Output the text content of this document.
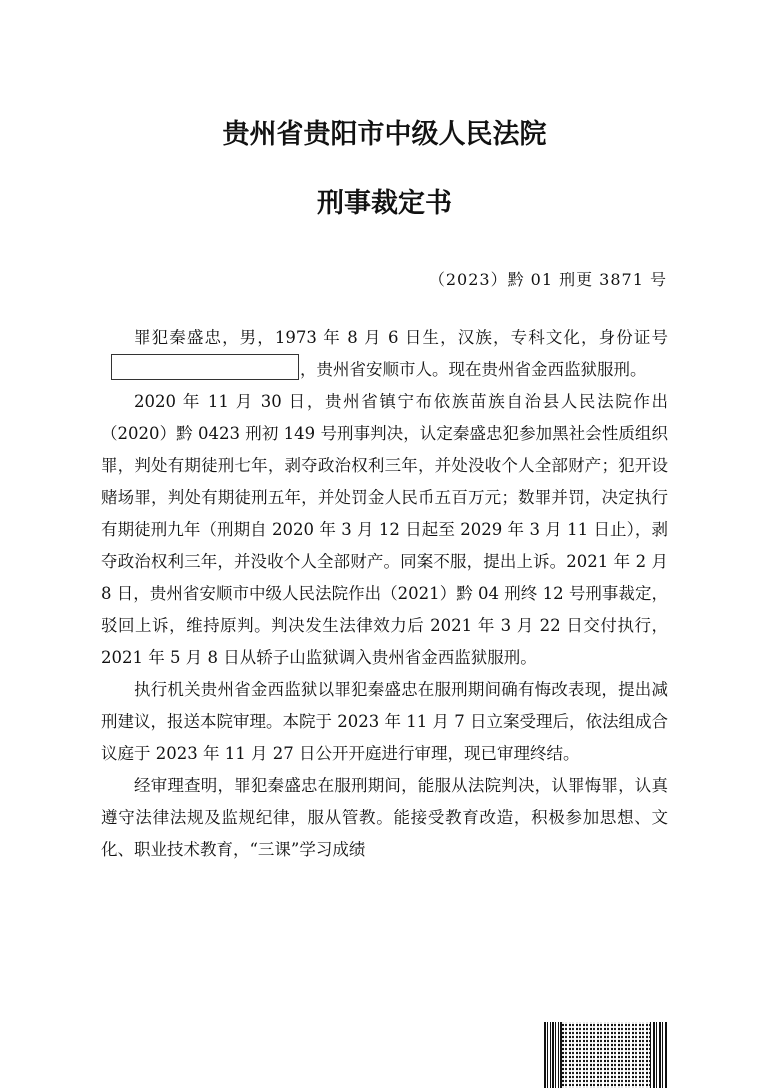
贵州省贵阳市中级人民法院
刑事裁定书
（2023）黔 01 刑更 3871 号

罪犯秦盛忠，男，1973 年 8 月 6 日生，汉族，专科文化，身份证号，贵州省安顺市人。现在贵州省金西监狱服刑。

2020 年 11 月 30 日，贵州省镇宁布依族苗族自治县人民法院作出（2020）黔 0423 刑初 149 号刑事判决，认定秦盛忠犯参加黑社会性质组织罪，判处有期徒刑七年，剥夺政治权利三年，并处没收个人全部财产；犯开设赌场罪，判处有期徒刑五年，并处罚金人民币五百万元；数罪并罚，决定执行有期徒刑九年（刑期自 2020 年 3 月 12 日起至 2029 年 3 月 11 日止），剥夺政治权利三年，并没收个人全部财产。同案不服，提出上诉。2021 年 2 月 8 日，贵州省安顺市中级人民法院作出（2021）黔 04 刑终 12 号刑事裁定，驳回上诉，维持原判。判决发生法律效力后 2021 年 3 月 22 日交付执行，2021 年 5 月 8 日从轿子山监狱调入贵州省金西监狱服刑。

执行机关贵州省金西监狱以罪犯秦盛忠在服刑期间确有悔改表现，提出减刑建议，报送本院审理。本院于 2023 年 11 月 7 日立案受理后，依法组成合议庭于 2023 年 11 月 27 日公开开庭进行审理，现已审理终结。

经审理查明，罪犯秦盛忠在服刑期间，能服从法院判决，认罪悔罪，认真遵守法律法规及监规纪律，服从管教。能接受教育改造，积极参加思想、文化、职业技术教育，“三课”学习成绩
